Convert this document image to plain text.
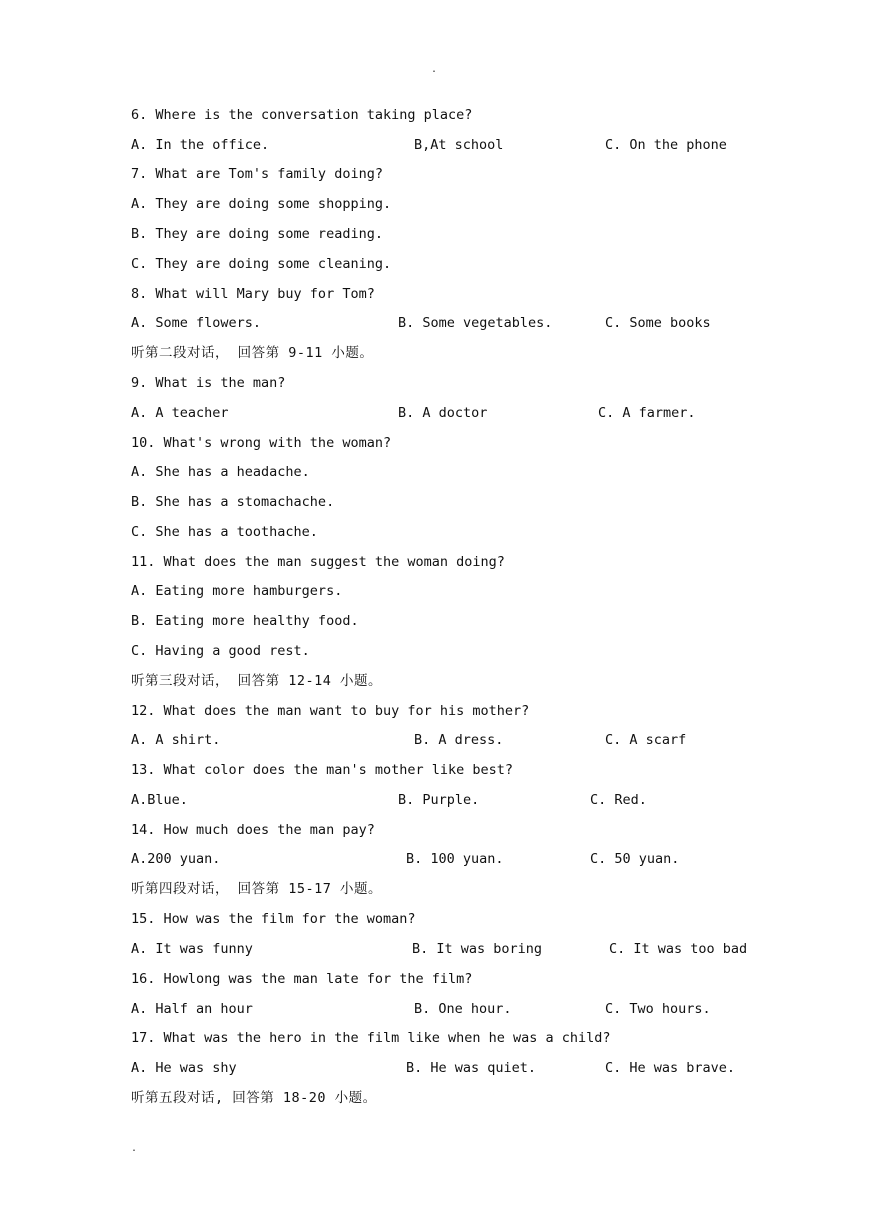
.
6. Where is the conversation taking place?
A. In the office.	B,At school	C. On the phone
7. What are Tom's family doing?
A. They are doing some shopping.
B. They are doing some reading.
C. They are doing some cleaning.
8. What will Mary buy for Tom?
A. Some flowers.	B. Some vegetables.	C. Some books
听第二段对话， 回答第 9-11 小题。
9. What is the man?
A. A teacher	B. A doctor	C. A farmer.
10. What's wrong with the woman?
A. She has a headache.
B. She has a stomachache.
C. She has a toothache.
11. What does the man suggest the woman doing?
A. Eating more hamburgers.
B. Eating more healthy food.
C. Having a good rest.
听第三段对话， 回答第 12-14 小题。
12. What does the man want to buy for his mother?
A. A shirt.	B. A dress.	C. A scarf
13. What color does the man's mother like best?
A.Blue.	B. Purple.	C. Red.
14. How much does the man pay?
A.200 yuan.	B. 100 yuan.	C. 50 yuan.
听第四段对话， 回答第 15-17 小题。
15. How was the film for the woman?
A. It was funny	B. It was boring	C. It was too bad
16. Howlong was the man late for the film?
A. Half an hour	B. One hour.	C. Two hours.
17. What was the hero in the film like when he was a child?
A. He was shy	B. He was quiet.	C. He was brave.
听第五段对话, 回答第 18-20 小题。
.
